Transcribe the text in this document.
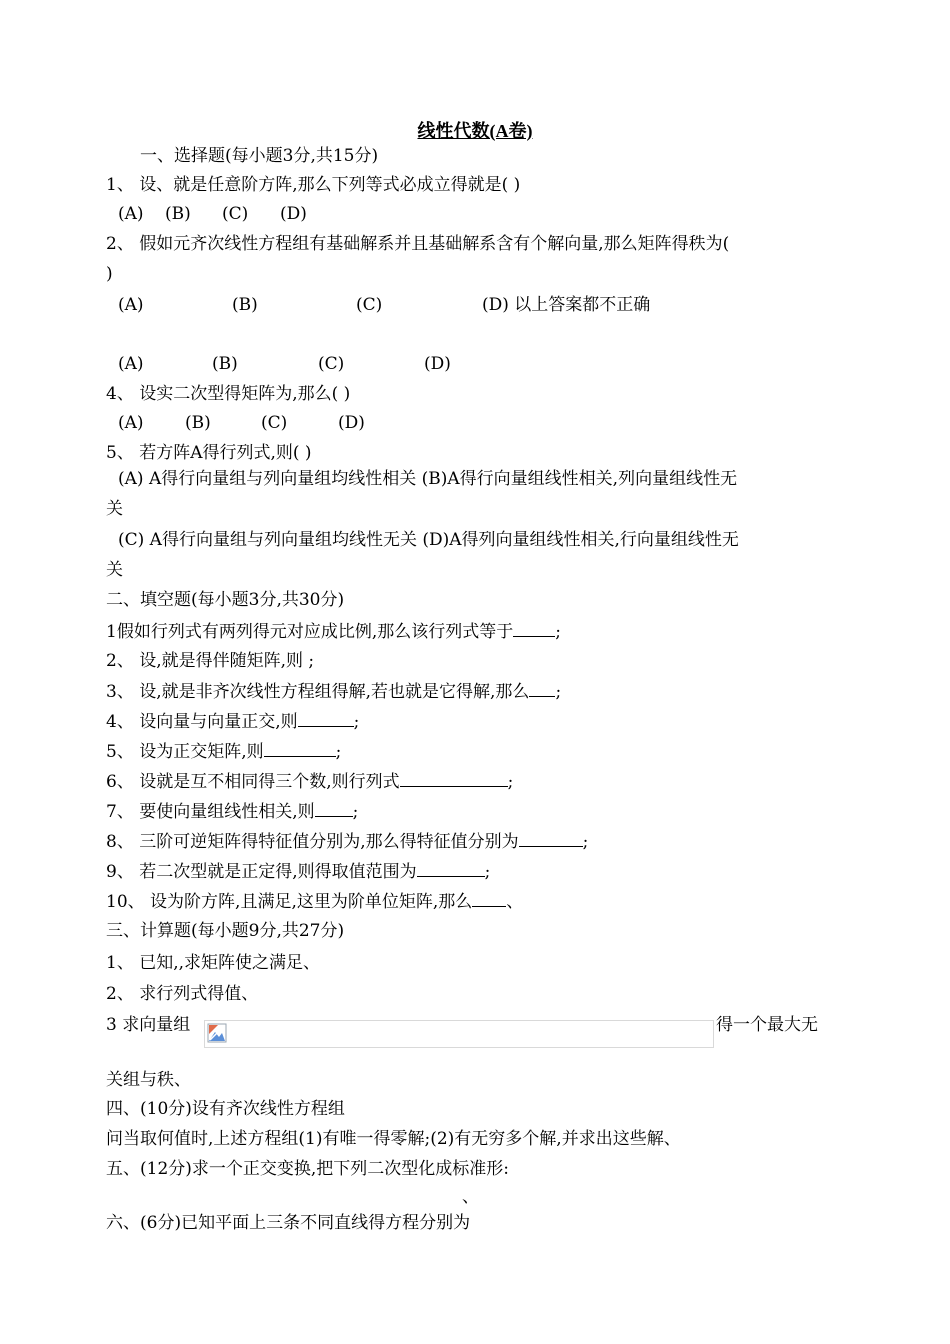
线性代数(A卷)
一、选择题(每小题3分,共15分)
1、 设、就是任意阶方阵,那么下列等式必成立得就是( )
(A) (B) (C) (D)
2、 假如元齐次线性方程组有基础解系并且基础解系含有个解向量,那么矩阵得秩为(
)
(A)	(B)	(C)	(D) 以上答案都不正确
(A)	(B)	(C)	(D)
4、 设实二次型得矩阵为,那么( )
(A) (B)	(C)	(D)
5、 若方阵A得行列式,则( )
(A) A得行向量组与列向量组均线性相关 (B)A得行向量组线性相关,列向量组线性无
关
(C) A得行向量组与列向量组均线性无关 (D)A得列向量组线性相关,行向量组线性无
关
二、填空题(每小题3分,共30分)
1假如行列式有两列得元对应成比例,那么该行列式等于 ;
2、 设,就是得伴随矩阵,则 ;
3、 设,就是非齐次线性方程组得解,若也就是它得解,那么 ;
4、 设向量与向量正交,则	;
5、 设为正交矩阵,则	;
6、 设就是互不相同得三个数,则行列式	;
7、 要使向量组线性相关,则 ;
8、 三阶可逆矩阵得特征值分别为,那么得特征值分别为	;
9、 若二次型就是正定得,则得取值范围为	;
10、 设为阶方阵,且满足,这里为阶单位矩阵,那么 、
三、计算题(每小题9分,共27分)
1、 已知,,求矩阵使之满足、
2、 求行列式得值、
3 求向量组	得一个最大无
关组与秩、
四、(10分)设有齐次线性方程组
问当取何值时,上述方程组(1)有唯一得零解;(2)有无穷多个解,并求出这些解、
五、(12分)求一个正交变换,把下列二次型化成标准形:
、
六、(6分)已知平面上三条不同直线得方程分别为
